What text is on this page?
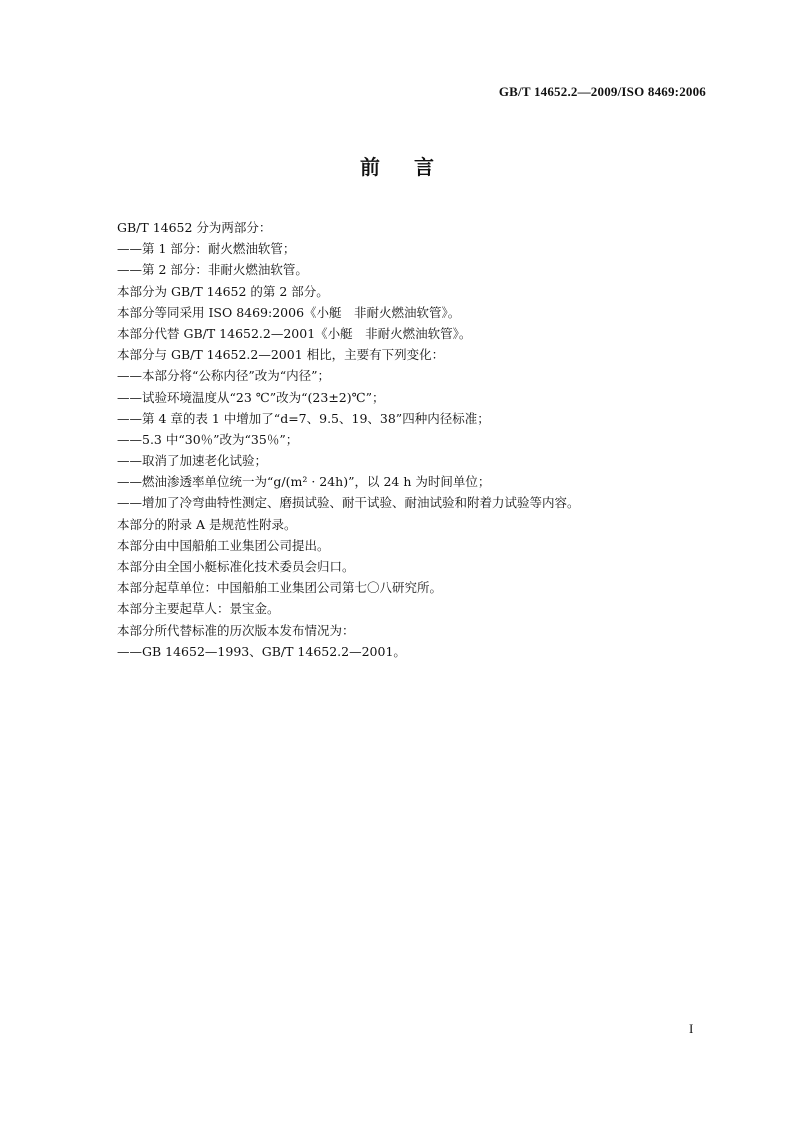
GB/T 14652.2—2009/ISO 8469:2006
前言
GB/T 14652 分为两部分：
——第 1 部分：耐火燃油软管；
——第 2 部分：非耐火燃油软管。
本部分为 GB/T 14652 的第 2 部分。
本部分等同采用 ISO 8469:2006《小艇　非耐火燃油软管》。
本部分代替 GB/T 14652.2—2001《小艇　非耐火燃油软管》。
本部分与 GB/T 14652.2—2001 相比，主要有下列变化：
——本部分将“公称内径”改为“内径”；
——试验环境温度从“23 ℃”改为“(23±2)℃”；
——第 4 章的表 1 中增加了“d=7、9.5、19、38”四种内径标准；
——5.3 中“30％”改为“35％”；
——取消了加速老化试验；
——燃油渗透率单位统一为“g/(m² · 24h)”，以 24 h 为时间单位；
——增加了冷弯曲特性测定、磨损试验、耐干试验、耐油试验和附着力试验等内容。
本部分的附录 A 是规范性附录。
本部分由中国船舶工业集团公司提出。
本部分由全国小艇标准化技术委员会归口。
本部分起草单位：中国船舶工业集团公司第七〇八研究所。
本部分主要起草人：景宝金。
本部分所代替标准的历次版本发布情况为：
——GB 14652—1993、GB/T 14652.2—2001。
I
